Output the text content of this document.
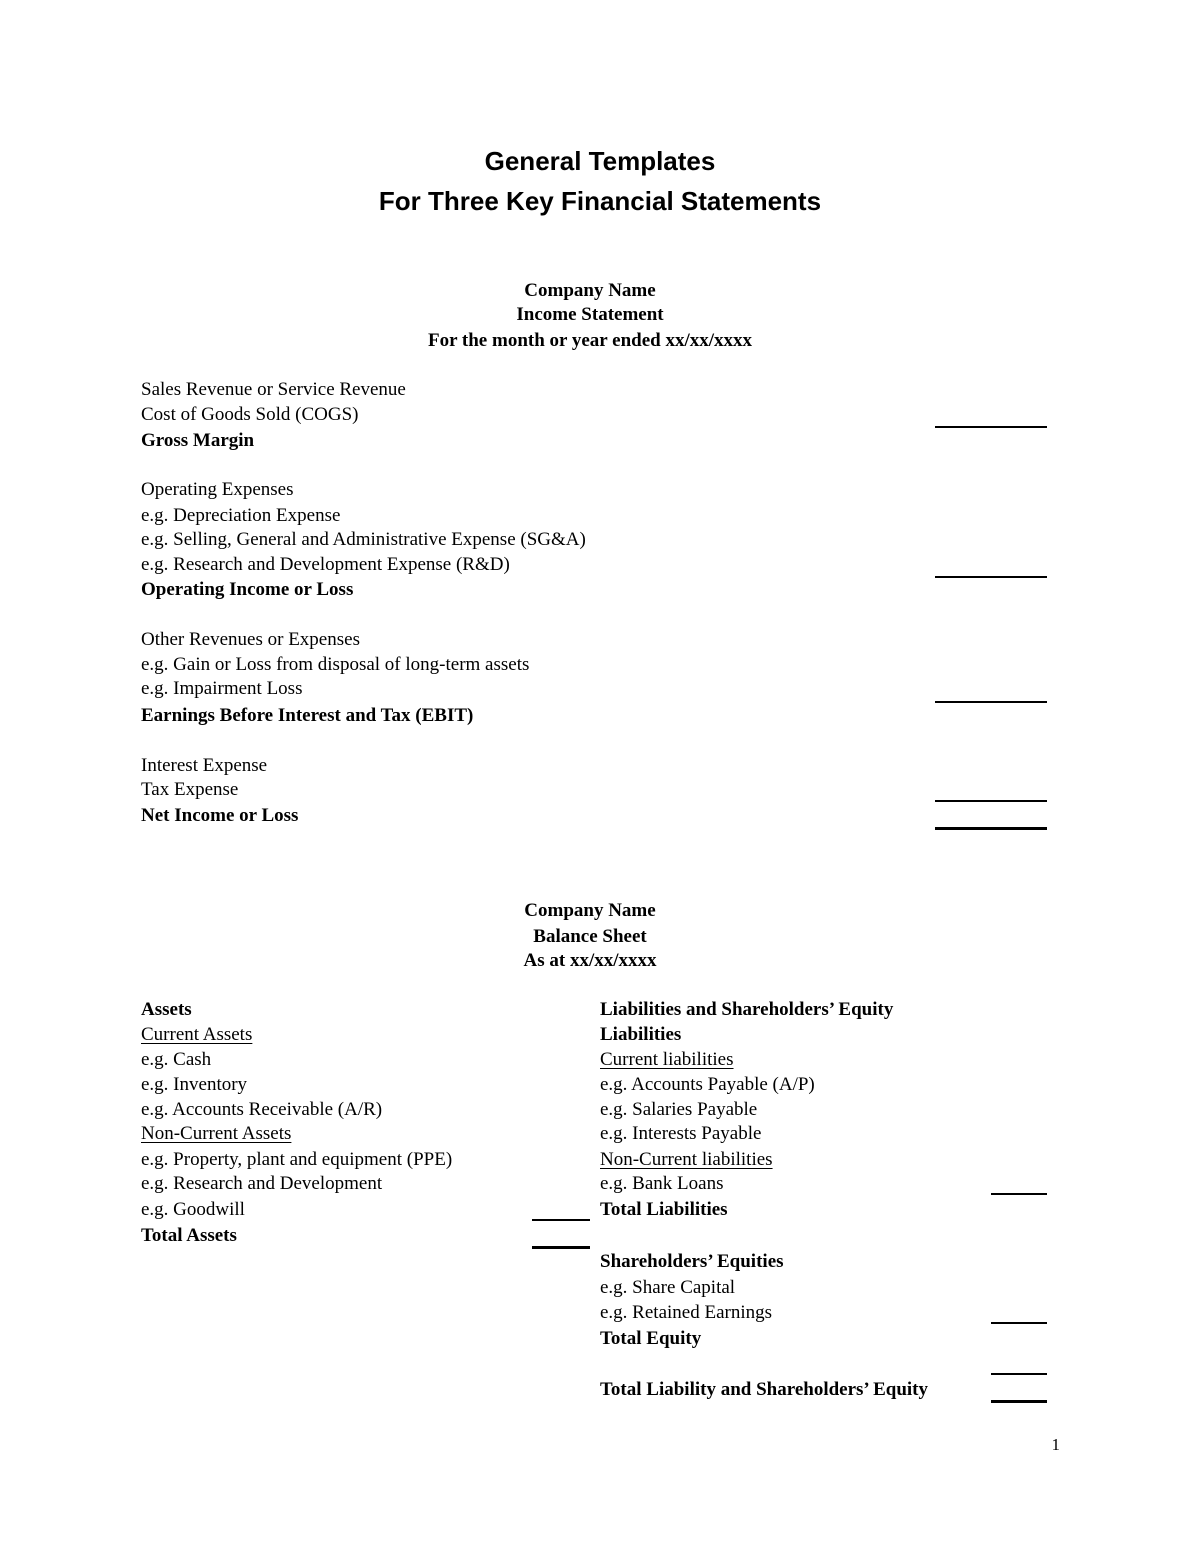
General Templates
For Three Key Financial Statements
Company Name
Income Statement
For the month or year ended xx/xx/xxxx
Sales Revenue or Service Revenue
Cost of Goods Sold (COGS)
Gross Margin
Operating Expenses
e.g. Depreciation Expense
e.g. Selling, General and Administrative Expense (SG&A)
e.g. Research and Development Expense (R&D)
Operating Income or Loss
Other Revenues or Expenses
e.g. Gain or Loss from disposal of long-term assets
e.g. Impairment Loss
Earnings Before Interest and Tax (EBIT)
Interest Expense
Tax Expense
Net Income or Loss
Company Name
Balance Sheet
As at xx/xx/xxxx
Assets
Current Assets
e.g. Cash
e.g. Inventory
e.g. Accounts Receivable (A/R)
Non-Current Assets
e.g. Property, plant and equipment (PPE)
e.g. Research and Development
e.g. Goodwill
Total Assets
Liabilities and Shareholders’ Equity
Liabilities
Current liabilities
e.g. Accounts Payable (A/P)
e.g. Salaries Payable
e.g. Interests Payable
Non-Current liabilities
e.g. Bank Loans
Total Liabilities
Shareholders’ Equities
e.g. Share Capital
e.g. Retained Earnings
Total Equity
Total Liability and Shareholders’ Equity
1
